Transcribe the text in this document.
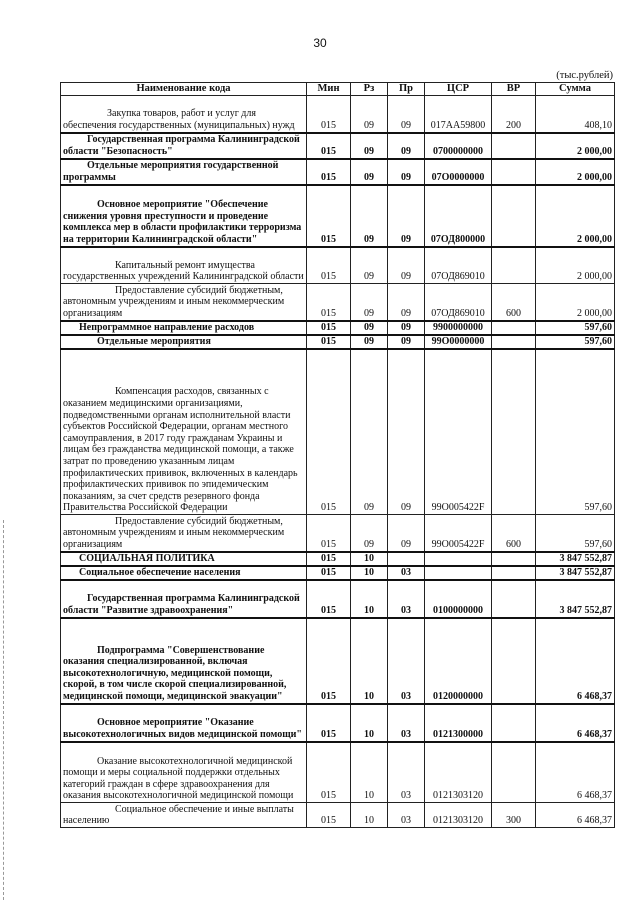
30
(тыс.рублей)
Наименование кода	Мин	Рз	Пр	ЦСР	ВР	Сумма
Закупка товаров, работ и услуг для обеспечения государственных (муниципальных) нужд	015	09	09	017АА59800	200	408,10
Государственная программа Калининградской области "Безопасность"	015	09	09	0700000000		2 000,00
Отдельные мероприятия государственной программы	015	09	09	07О0000000		2 000,00
Основное мероприятие "Обеспечение снижения уровня преступности и проведение комплекса мер в области профилактики терроризма на территории Калининградской области"	015	09	09	07ОД800000		2 000,00
Капитальный ремонт имущества государственных учреждений Калининградской области	015	09	09	07ОД869010		2 000,00
Предоставление субсидий бюджетным, автономным учреждениям и иным некоммерческим организациям	015	09	09	07ОД869010	600	2 000,00
Непрограммное направление расходов	015	09	09	9900000000		597,60
Отдельные мероприятия	015	09	09	99О0000000		597,60
Компенсация расходов, связанных с оказанием медицинскими организациями, подведомственными органам исполнительной власти субъектов Российской Федерации, органам местного самоуправления, в 2017 году гражданам Украины и лицам без гражданства медицинской помощи, а также затрат по проведению указанным лицам профилактических прививок, включенных в календарь профилактических прививок по эпидемическим показаниям, за счет средств резервного фонда Правительства Российской Федерации	015	09	09	99О005422F		597,60
Предоставление субсидий бюджетным, автономным учреждениям и иным некоммерческим организациям	015	09	09	99О005422F	600	597,60
СОЦИАЛЬНАЯ ПОЛИТИКА	015	10				3 847 552,87
Социальное обеспечение населения	015	10	03			3 847 552,87
Государственная программа Калининградской области "Развитие здравоохранения"	015	10	03	0100000000		3 847 552,87
Подпрограмма "Совершенствование оказания специализированной, включая высокотехнологичную, медицинской помощи, скорой, в том числе скорой специализированной, медицинской помощи, медицинской эвакуации"	015	10	03	0120000000		6 468,37
Основное мероприятие "Оказание высокотехнологичных видов медицинской помощи"	015	10	03	0121300000		6 468,37
Оказание высокотехнологичной медицинской помощи и меры социальной поддержки отдельных категорий граждан в сфере здравоохранения для оказания высокотехнологичной медицинской помощи	015	10	03	0121303120		6 468,37
Социальное обеспечение и иные выплаты населению	015	10	03	0121303120	300	6 468,37
